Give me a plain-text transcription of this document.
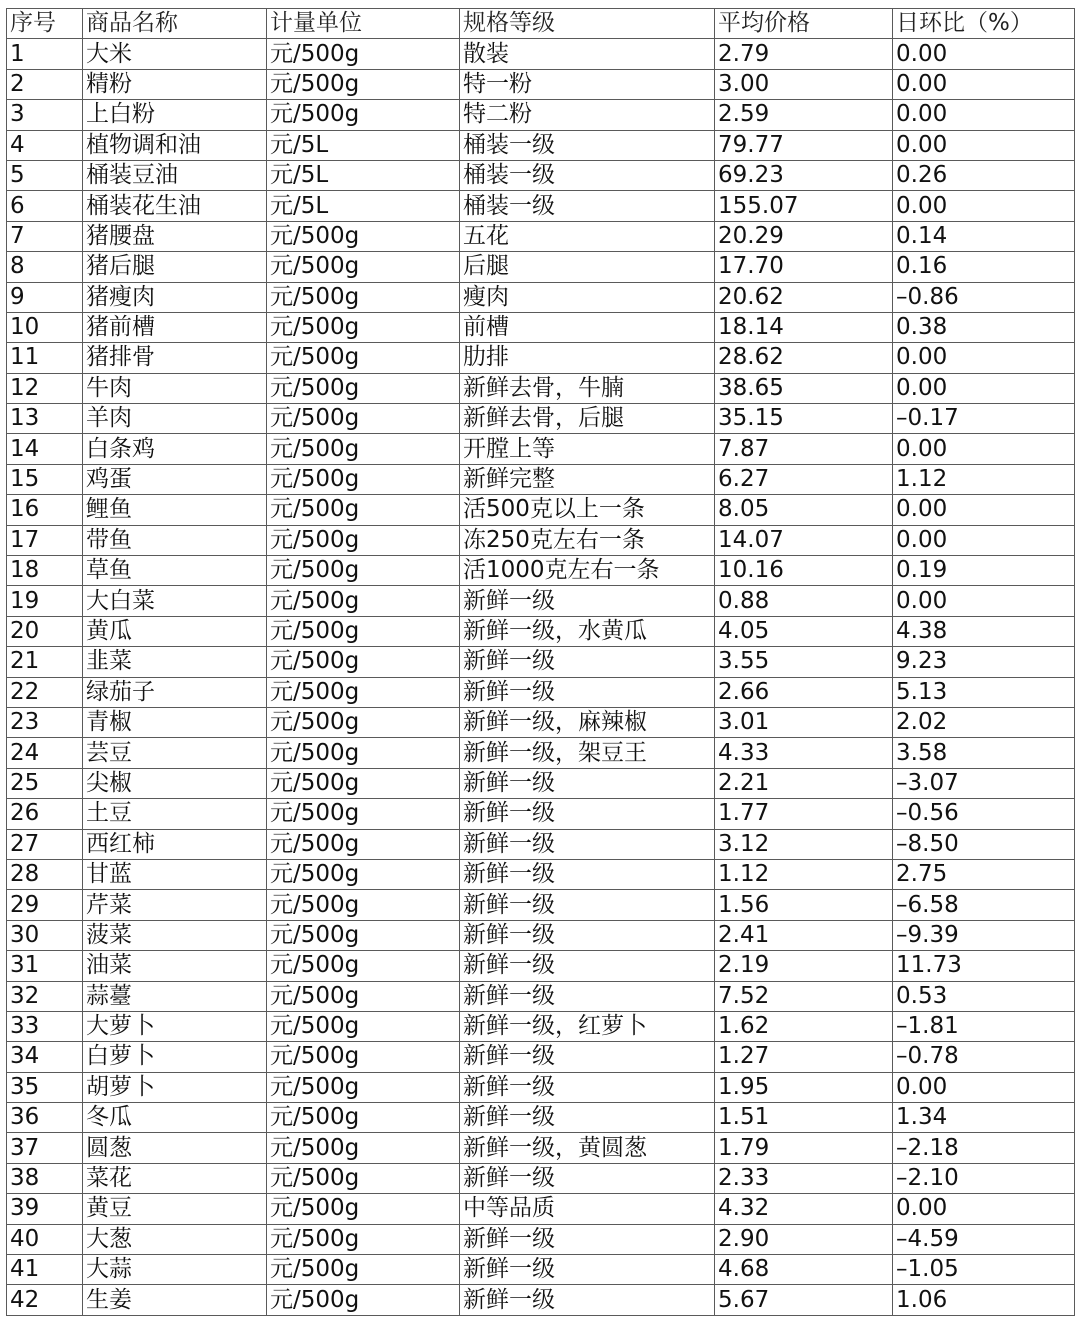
序号	商品名称	计量单位	规格等级	平均价格	日环比（%）
1	大米	元/500g	散装	2.79	0.00
2	精粉	元/500g	特一粉	3.00	0.00
3	上白粉	元/500g	特二粉	2.59	0.00
4	植物调和油	元/5L	桶装一级	79.77	0.00
5	桶装豆油	元/5L	桶装一级	69.23	0.26
6	桶装花生油	元/5L	桶装一级	155.07	0.00
7	猪腰盘	元/500g	五花	20.29	0.14
8	猪后腿	元/500g	后腿	17.70	0.16
9	猪瘦肉	元/500g	瘦肉	20.62	–0.86
10	猪前槽	元/500g	前槽	18.14	0.38
11	猪排骨	元/500g	肋排	28.62	0.00
12	牛肉	元/500g	新鲜去骨，牛腩	38.65	0.00
13	羊肉	元/500g	新鲜去骨，后腿	35.15	–0.17
14	白条鸡	元/500g	开膛上等	7.87	0.00
15	鸡蛋	元/500g	新鲜完整	6.27	1.12
16	鲤鱼	元/500g	活500克以上一条	8.05	0.00
17	带鱼	元/500g	冻250克左右一条	14.07	0.00
18	草鱼	元/500g	活1000克左右一条	10.16	0.19
19	大白菜	元/500g	新鲜一级	0.88	0.00
20	黄瓜	元/500g	新鲜一级，水黄瓜	4.05	4.38
21	韭菜	元/500g	新鲜一级	3.55	9.23
22	绿茄子	元/500g	新鲜一级	2.66	5.13
23	青椒	元/500g	新鲜一级，麻辣椒	3.01	2.02
24	芸豆	元/500g	新鲜一级，架豆王	4.33	3.58
25	尖椒	元/500g	新鲜一级	2.21	–3.07
26	土豆	元/500g	新鲜一级	1.77	–0.56
27	西红柿	元/500g	新鲜一级	3.12	–8.50
28	甘蓝	元/500g	新鲜一级	1.12	2.75
29	芹菜	元/500g	新鲜一级	1.56	–6.58
30	菠菜	元/500g	新鲜一级	2.41	–9.39
31	油菜	元/500g	新鲜一级	2.19	11.73
32	蒜薹	元/500g	新鲜一级	7.52	0.53
33	大萝卜	元/500g	新鲜一级，红萝卜	1.62	–1.81
34	白萝卜	元/500g	新鲜一级	1.27	–0.78
35	胡萝卜	元/500g	新鲜一级	1.95	0.00
36	冬瓜	元/500g	新鲜一级	1.51	1.34
37	圆葱	元/500g	新鲜一级，黄圆葱	1.79	–2.18
38	菜花	元/500g	新鲜一级	2.33	–2.10
39	黄豆	元/500g	中等品质	4.32	0.00
40	大葱	元/500g	新鲜一级	2.90	–4.59
41	大蒜	元/500g	新鲜一级	4.68	–1.05
42	生姜	元/500g	新鲜一级	5.67	1.06
